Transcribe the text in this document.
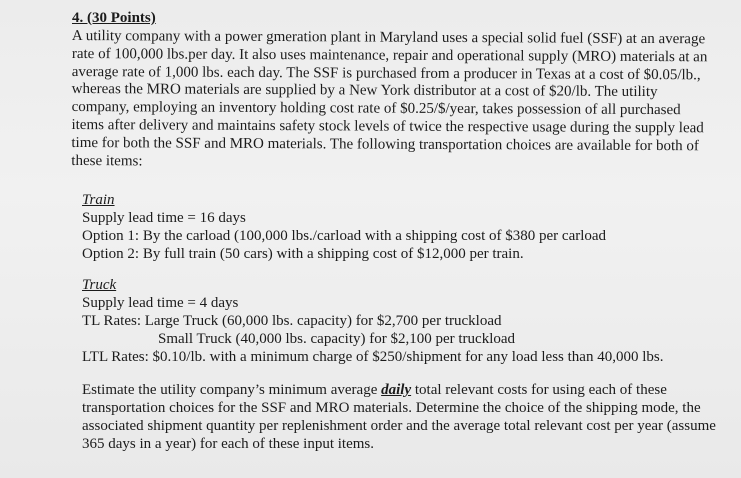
4. (30 Points)

A utility company with a power gmeration plant in Maryland uses a special solid fuel (SSF) at an average

rate of 100,000 lbs.per day. It also uses maintenance, repair and operational supply (MRO) materials at an

average rate of 1,000 lbs. each day. The SSF is purchased from a producer in Texas at a cost of $0.05/lb.,

whereas the MRO materials are supplied by a New York distributor at a cost of $20/lb. The utility

company, employing an inventory holding cost rate of $0.25/$/year, takes possession of all purchased

items after delivery and maintains safety stock levels of twice the respective usage during the supply lead

time for both the SSF and MRO materials. The following transportation choices are available for both of

these items:

Train

Supply lead time = 16 days

Option 1: By the carload (100,000 lbs./carload with a shipping cost of $380 per carload

Option 2: By full train (50 cars) with a shipping cost of $12,000 per train.

Truck

Supply lead time = 4 days

TL Rates: Large Truck (60,000 lbs. capacity) for $2,700 per truckload

Small Truck (40,000 lbs. capacity) for $2,100 per truckload

LTL Rates: $0.10/lb. with a minimum charge of $250/shipment for any load less than 40,000 lbs.

Estimate the utility company’s minimum average daily total relevant costs for using each of these

transportation choices for the SSF and MRO materials. Determine the choice of the shipping mode, the

associated shipment quantity per replenishment order and the average total relevant cost per year (assume

365 days in a year) for each of these input items.
